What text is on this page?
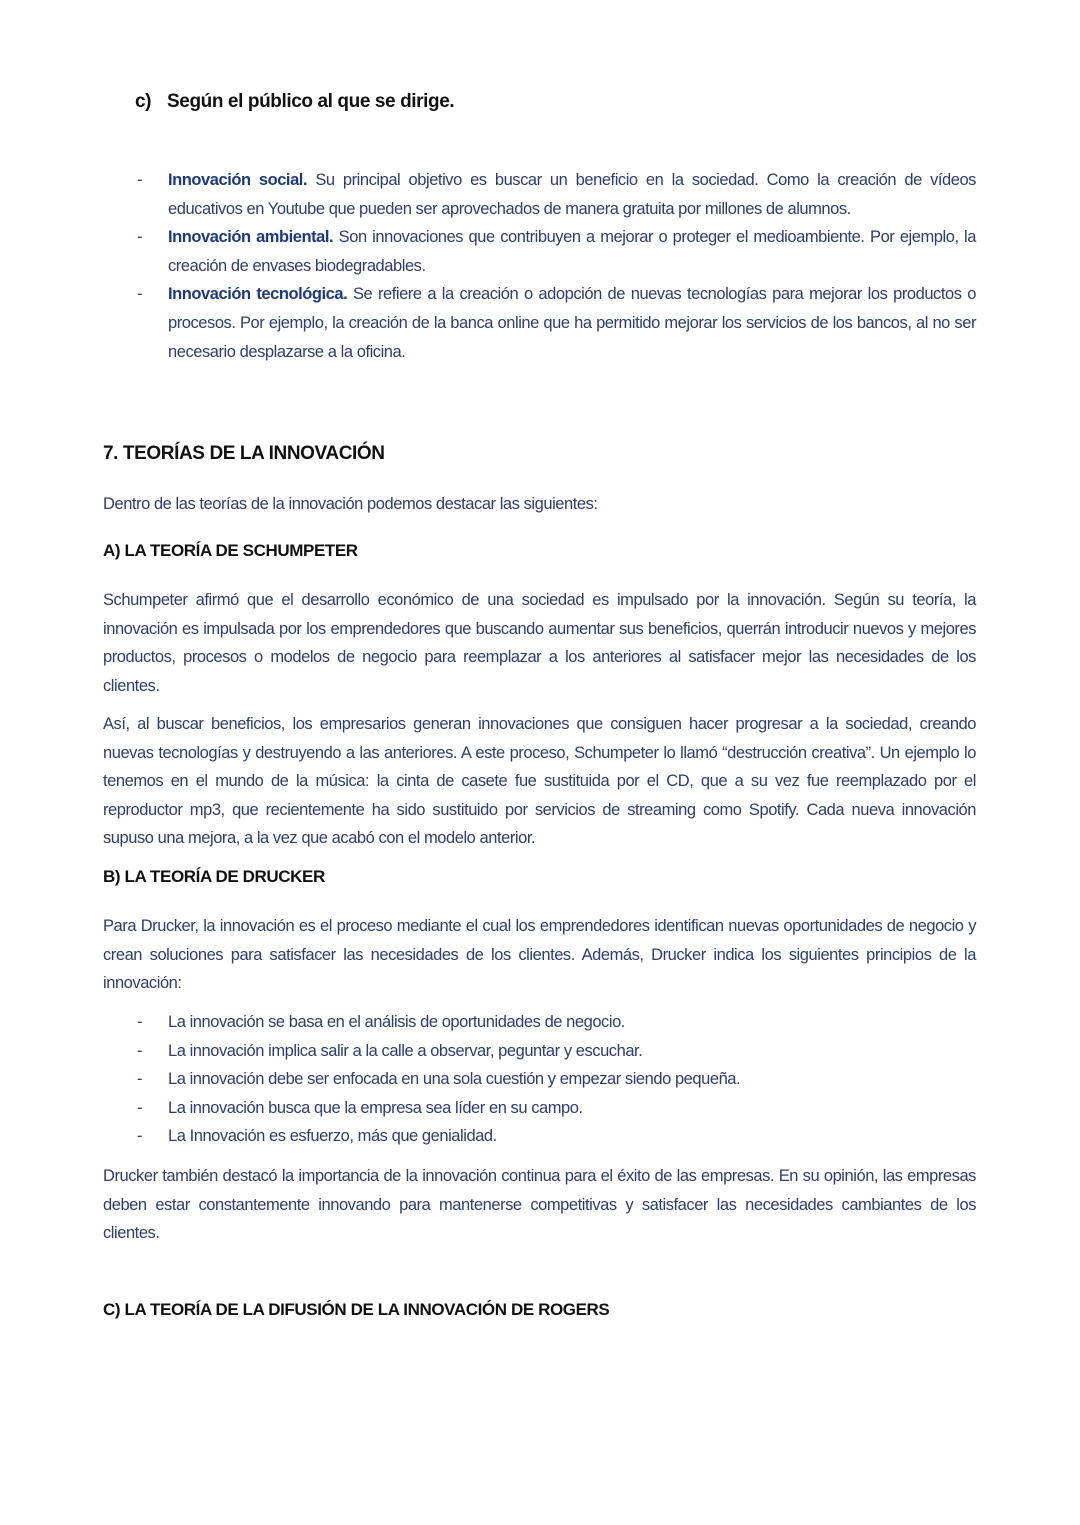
c) Según el público al que se dirige.

- Innovación social. Su principal objetivo es buscar un beneficio en la sociedad. Como la creación de vídeos educativos en Youtube que pueden ser aprovechados de manera gratuita por millones de alumnos.
- Innovación ambiental. Son innovaciones que contribuyen a mejorar o proteger el medioambiente. Por ejemplo, la creación de envases biodegradables.
- Innovación tecnológica. Se refiere a la creación o adopción de nuevas tecnologías para mejorar los productos o procesos. Por ejemplo, la creación de la banca online que ha permitido mejorar los servicios de los bancos, al no ser necesario desplazarse a la oficina.

7. TEORÍAS DE LA INNOVACIÓN

Dentro de las teorías de la innovación podemos destacar las siguientes:

A) LA TEORÍA DE SCHUMPETER

Schumpeter afirmó que el desarrollo económico de una sociedad es impulsado por la innovación. Según su teoría, la innovación es impulsada por los emprendedores que buscando aumentar sus beneficios, querrán introducir nuevos y mejores productos, procesos o modelos de negocio para reemplazar a los anteriores al satisfacer mejor las necesidades de los clientes.

Así, al buscar beneficios, los empresarios generan innovaciones que consiguen hacer progresar a la sociedad, creando nuevas tecnologías y destruyendo a las anteriores. A este proceso, Schumpeter lo llamó “destrucción creativa”. Un ejemplo lo tenemos en el mundo de la música: la cinta de casete fue sustituida por el CD, que a su vez fue reemplazado por el reproductor mp3, que recientemente ha sido sustituido por servicios de streaming como Spotify. Cada nueva innovación supuso una mejora, a la vez que acabó con el modelo anterior.

B) LA TEORÍA DE DRUCKER

Para Drucker, la innovación es el proceso mediante el cual los emprendedores identifican nuevas oportunidades de negocio y crean soluciones para satisfacer las necesidades de los clientes. Además, Drucker indica los siguientes principios de la innovación:

- La innovación se basa en el análisis de oportunidades de negocio.
- La innovación implica salir a la calle a observar, peguntar y escuchar.
- La innovación debe ser enfocada en una sola cuestión y empezar siendo pequeña.
- La innovación busca que la empresa sea líder en su campo.
- La Innovación es esfuerzo, más que genialidad.

Drucker también destacó la importancia de la innovación continua para el éxito de las empresas. En su opinión, las empresas deben estar constantemente innovando para mantenerse competitivas y satisfacer las necesidades cambiantes de los clientes.

C) LA TEORÍA DE LA DIFUSIÓN DE LA INNOVACIÓN DE ROGERS
